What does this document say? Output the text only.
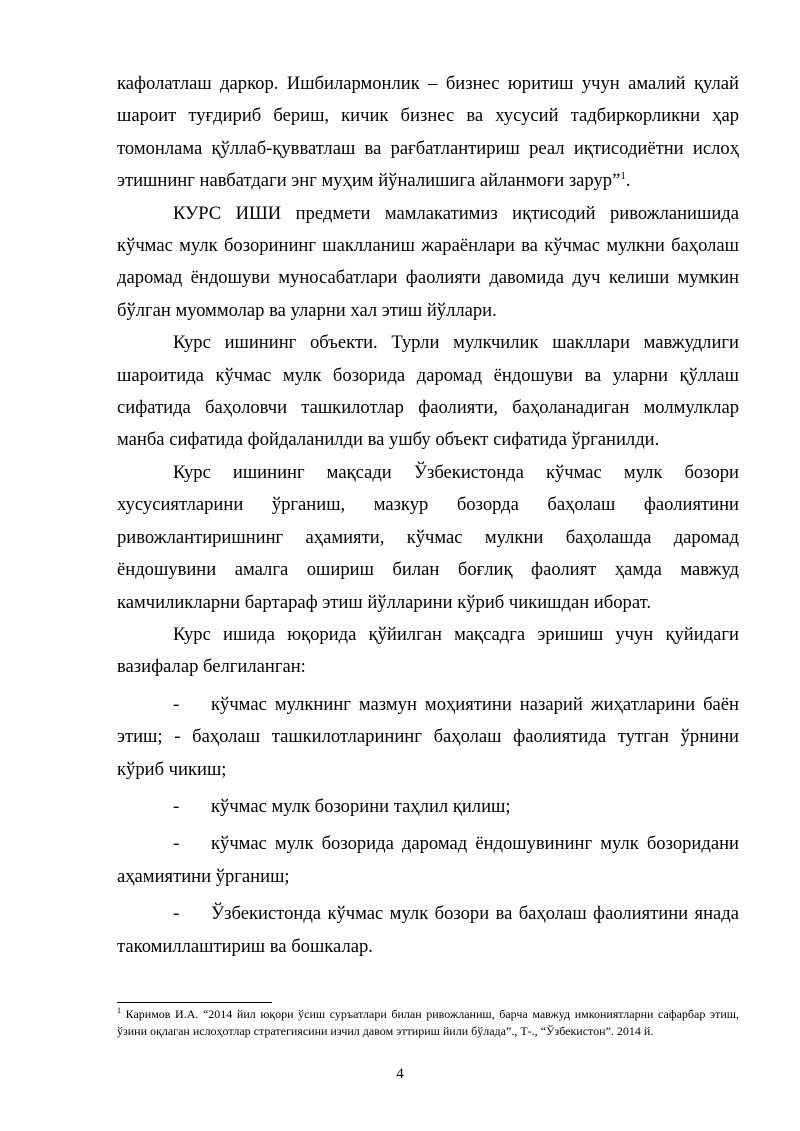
кафолатлаш даркор. Ишбилармонлик – бизнес юритиш учун амалий қулай шароит туғдириб бериш, кичик бизнес ва хусусий тадбиркорликни ҳар томонлама қўллаб-қувватлаш ва рағбатлантириш реал иқтисодиётни ислоҳ этишнинг навбатдаги энг муҳим йўналишига айланмоғи зарур”$^1$.

КУРС ИШИ предмети мамлакатимиз иқтисодий ривожланишида кўчмас мулк бозорининг шаклланиш жараёнлари ва кўчмас мулкни баҳолаш даромад ёндошуви муносабатлари фаолияти давомида дуч келиши мумкин бўлган муоммолар ва уларни хал этиш йўллари.

Курс ишининг объекти. Турли мулкчилик шакллари мавжудлиги шароитида кўчмас мулк бозорида даромад ёндошуви ва уларни қўллаш сифатида баҳоловчи ташкилотлар фаолияти, баҳоланадиган молмулклар манба сифатида фойдаланилди ва ушбу объект сифатида ўрганилди.

Курс ишининг мақсади Ўзбекистонда кўчмас мулк бозори хусусиятларини ўрганиш, мазкур бозорда баҳолаш фаолиятини ривожлантиришнинг аҳамияти, кўчмас мулкни баҳолашда даромад ёндошувини амалга ошириш билан боғлиқ фаолият ҳамда мавжуд камчиликларни бартараф этиш йўлларини кўриб чикишдан иборат.

Курс ишида юқорида қўйилган мақсадга эришиш учун қуйидаги вазифалар белгиланган:

- кўчмас мулкнинг мазмун моҳиятини назарий жиҳатларини баён этиш; - баҳолаш ташкилотларининг баҳолаш фаолиятида тутган ўрнини кўриб чикиш;

- кўчмас мулк бозорини таҳлил қилиш;

- кўчмас мулк бозорида даромад ёндошувининг мулк бозоридани аҳамиятини ўрганиш;

- Ўзбекистонда кўчмас мулк бозори ва баҳолаш фаолиятини янада такомиллаштириш ва бошкалар.

$^1$ Каримов И.А. “2014 йил юқори ўсиш суръатлари билан ривожланиш, барча мавжуд имкониятларни сафарбар этиш, ўзини оқлаган ислоҳотлар стратегиясини изчил давом эттириш йили бўлада”., Т-., “Ўзбекистон”. 2014 й.
4
